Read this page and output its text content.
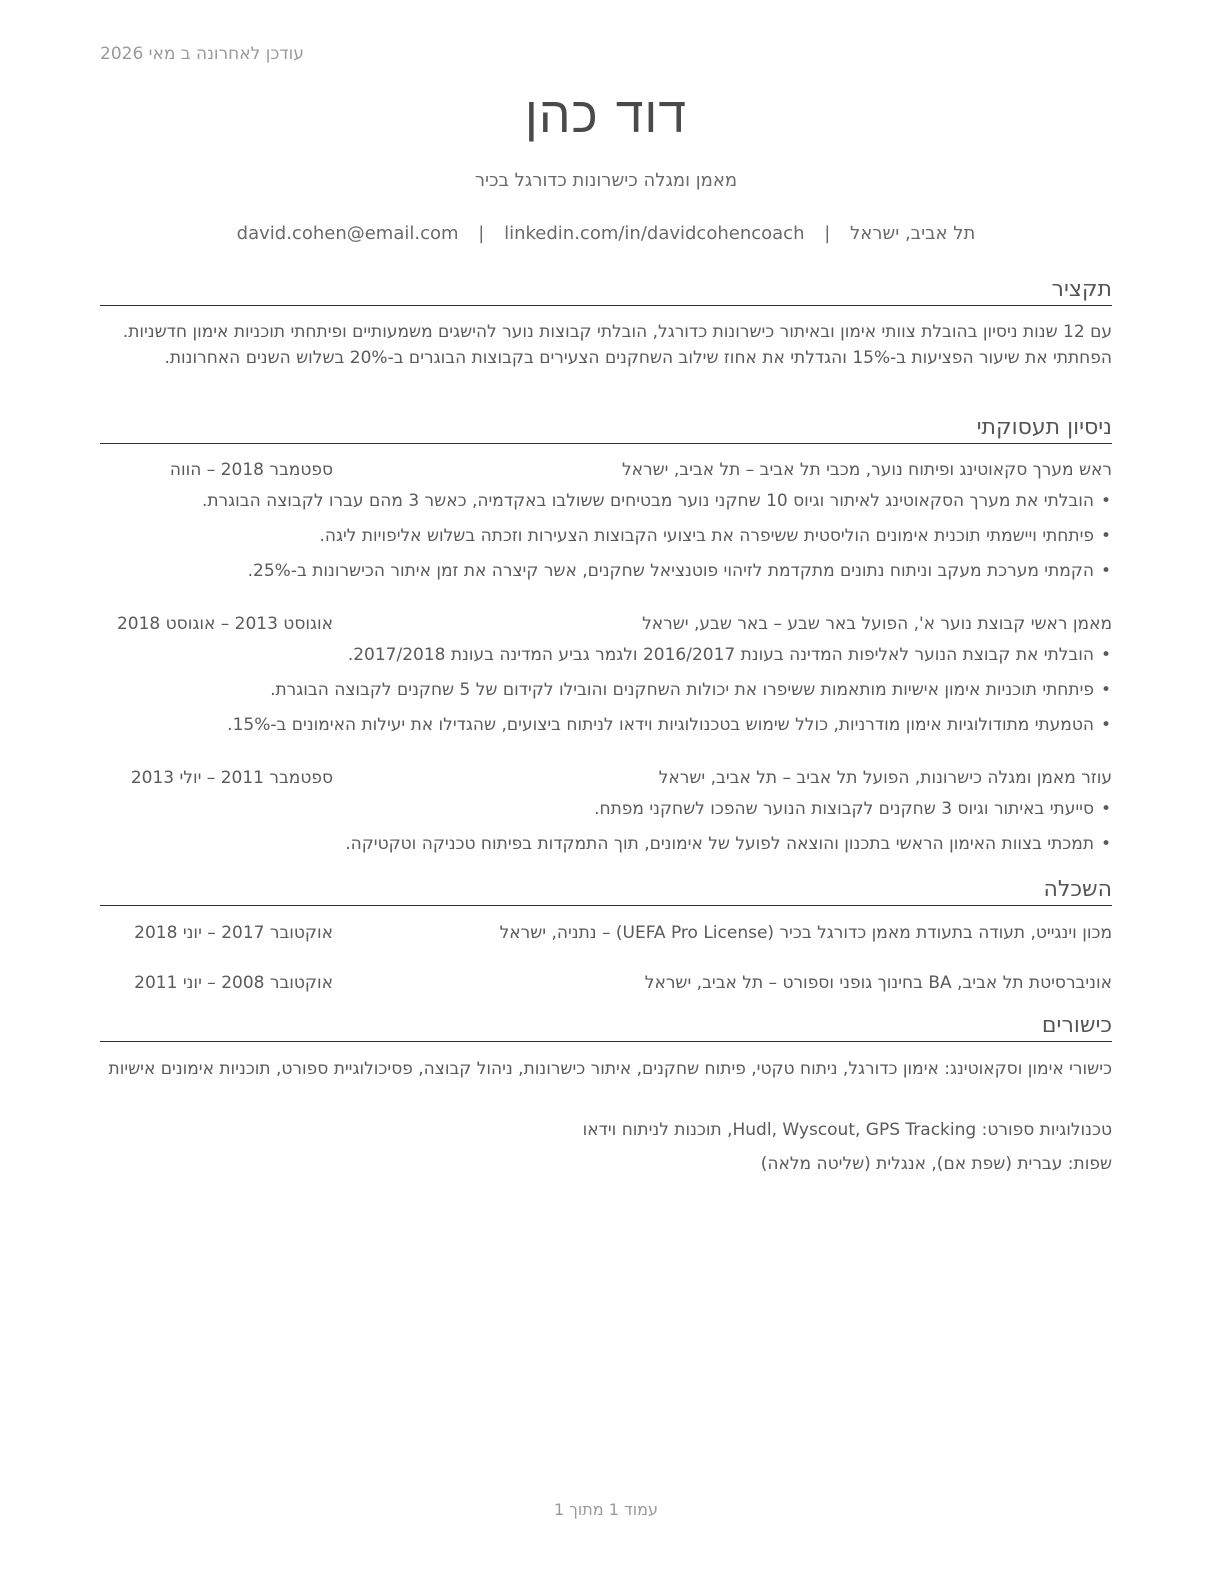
עודכן לאחרונה ב מאי 2026
דוד כהן
מאמן ומגלה כישרונות כדורגל בכיר
תל אביב, ישראל | david.cohen@email.com | linkedin.com/in/davidcohencoach
תקציר
עם 12 שנות ניסיון בהובלת צוותי אימון ובאיתור כישרונות כדורגל, הובלתי קבוצות נוער להישגים משמעותיים ופיתחתי תוכניות אימון חדשניות. הפחתתי את שיעור הפציעות ב-15% והגדלתי את אחוז שילוב השחקנים הצעירים בקבוצות הבוגרים ב-20% בשלוש השנים האחרונות.
ניסיון תעסוקתי
ראש מערך סקאוטינג ופיתוח נוער, מכבי תל אביב – תל אביב, ישראל
ספטמבר 2018 – הווה
•הובלתי את מערך הסקאוטינג לאיתור וגיוס 10 שחקני נוער מבטיחים ששולבו באקדמיה, כאשר 3 מהם עברו לקבוצה הבוגרת.
•פיתחתי ויישמתי תוכנית אימונים הוליסטית ששיפרה את ביצועי הקבוצות הצעירות וזכתה בשלוש אליפויות ליגה.
•הקמתי מערכת מעקב וניתוח נתונים מתקדמת לזיהוי פוטנציאל שחקנים, אשר קיצרה את זמן איתור הכישרונות ב-25%.
מאמן ראשי קבוצת נוער א', הפועל באר שבע – באר שבע, ישראל
אוגוסט 2013 – אוגוסט 2018
•הובלתי את קבוצת הנוער לאליפות המדינה בעונת 2016/2017 ולגמר גביע המדינה בעונת 2017/2018.
•פיתחתי תוכניות אימון אישיות מותאמות ששיפרו את יכולות השחקנים והובילו לקידום של 5 שחקנים לקבוצה הבוגרת.
•הטמעתי מתודולוגיות אימון מודרניות, כולל שימוש בטכנולוגיות וידאו לניתוח ביצועים, שהגדילו את יעילות האימונים ב-15%.
עוזר מאמן ומגלה כישרונות, הפועל תל אביב – תל אביב, ישראל
ספטמבר 2011 – יולי 2013
•סייעתי באיתור וגיוס 3 שחקנים לקבוצות הנוער שהפכו לשחקני מפתח.
•תמכתי בצוות האימון הראשי בתכנון והוצאה לפועל של אימונים, תוך התמקדות בפיתוח טכניקה וטקטיקה.
השכלה
מכון וינגייט, תעודה בתעודת מאמן כדורגל בכיר (UEFA Pro License) – נתניה, ישראל
אוקטובר 2017 – יוני 2018
אוניברסיטת תל אביב, BA בחינוך גופני וספורט – תל אביב, ישראל
אוקטובר 2008 – יוני 2011
כישורים
כישורי אימון וסקאוטינג: אימון כדורגל, ניתוח טקטי, פיתוח שחקנים, איתור כישרונות, ניהול קבוצה, פסיכולוגיית ספורט, תוכניות אימונים אישיות
טכנולוגיות ספורט: Hudl, Wyscout, GPS Tracking, תוכנות לניתוח וידאו
שפות: עברית (שפת אם), אנגלית (שליטה מלאה)
עמוד 1 מתוך 1
